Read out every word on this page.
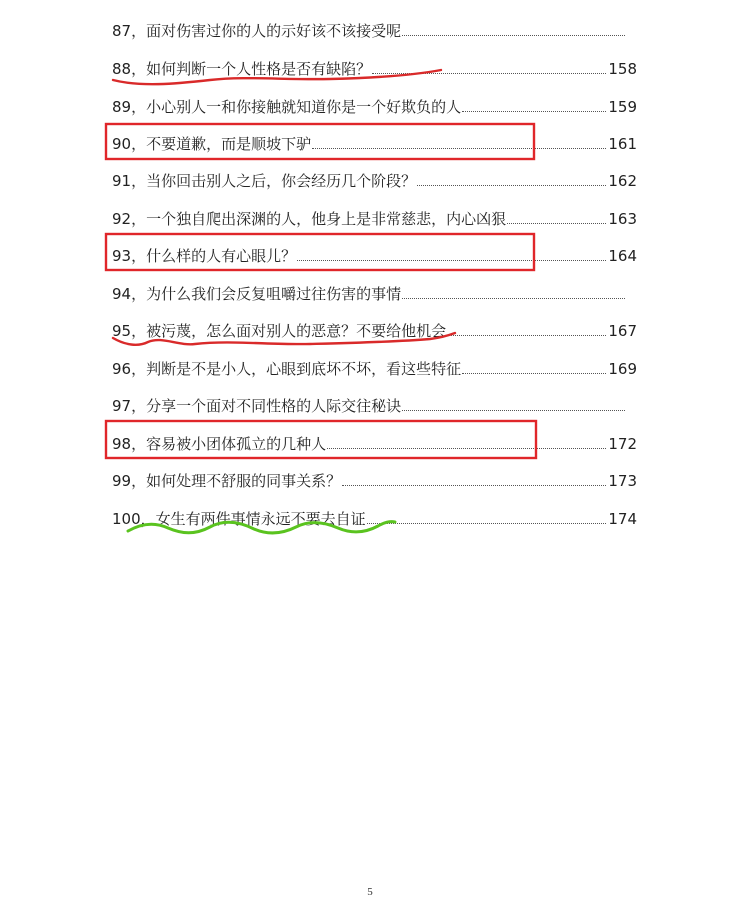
87，面对伤害过你的人的示好该不该接受呢
88，如何判断一个人性格是否有缺陷？	158
89，小心别人一和你接触就知道你是一个好欺负的人	159
90，不要道歉，而是顺坡下驴	161
91，当你回击别人之后，你会经历几个阶段？	162
92，一个独自爬出深渊的人，他身上是非常慈悲，内心凶狠	163
93，什么样的人有心眼儿？	164
94，为什么我们会反复咀嚼过往伤害的事情
95，被污蔑，怎么面对别人的恶意？不要给他机会	167
96，判断是不是小人，心眼到底坏不坏，看这些特征	169
97，分享一个面对不同性格的人际交往秘诀
98，容易被小团体孤立的几种人	172
99，如何处理不舒服的同事关系？	173
100，女生有两件事情永远不要去自证	174
5
